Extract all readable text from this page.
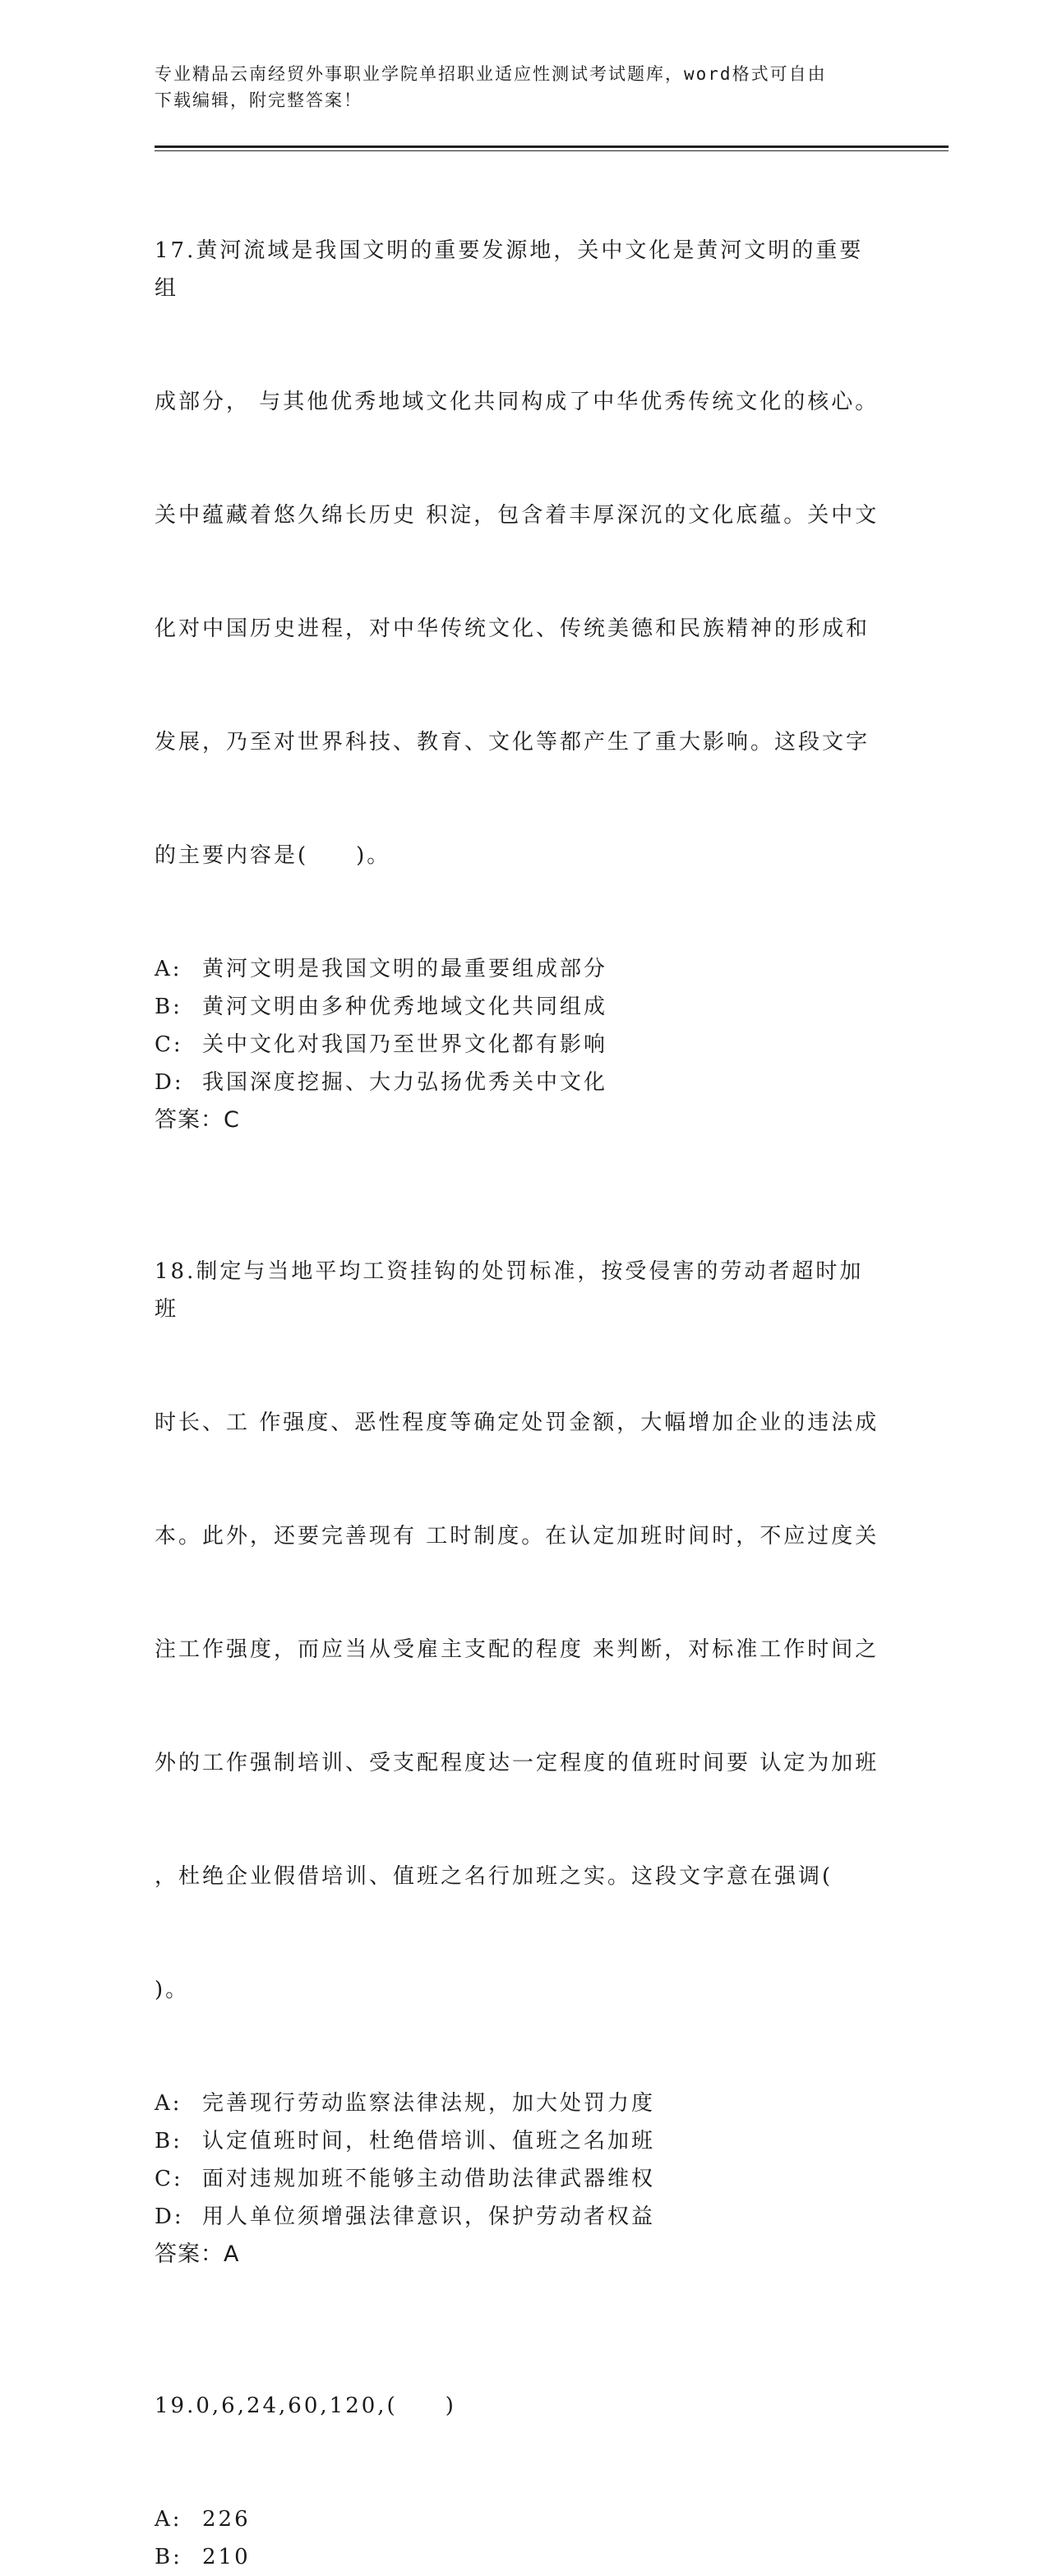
专业精品云南经贸外事职业学院单招职业适应性测试考试题库，word格式可自由
下载编辑，附完整答案！

17.黄河流域是我国文明的重要发源地，关中文化是黄河文明的重要组

成部分， 与其他优秀地域文化共同构成了中华优秀传统文化的核心。

关中蕴藏着悠久绵长历史 积淀，包含着丰厚深沉的文化底蕴。关中文

化对中国历史进程，对中华传统文化、传统美德和民族精神的形成和

发展，乃至对世界科技、教育、文化等都产生了重大影响。这段文字

的主要内容是(　　)。

A: 黄河文明是我国文明的最重要组成部分
B: 黄河文明由多种优秀地域文化共同组成
C: 关中文化对我国乃至世界文化都有影响
D: 我国深度挖掘、大力弘扬优秀关中文化
答案：C

18.制定与当地平均工资挂钩的处罚标准，按受侵害的劳动者超时加班

时长、工 作强度、恶性程度等确定处罚金额，大幅增加企业的违法成

本。此外，还要完善现有 工时制度。在认定加班时间时，不应过度关

注工作强度，而应当从受雇主支配的程度 来判断，对标准工作时间之

外的工作强制培训、受支配程度达一定程度的值班时间要 认定为加班

，杜绝企业假借培训、值班之名行加班之实。这段文字意在强调(

)。

A: 完善现行劳动监察法律法规，加大处罚力度
B: 认定值班时间，杜绝借培训、值班之名加班
C: 面对违规加班不能够主动借助法律武器维权
D: 用人单位须增强法律意识，保护劳动者权益
答案：A

19.0,6,24,60,120,(　　)

A: 226
B: 210
